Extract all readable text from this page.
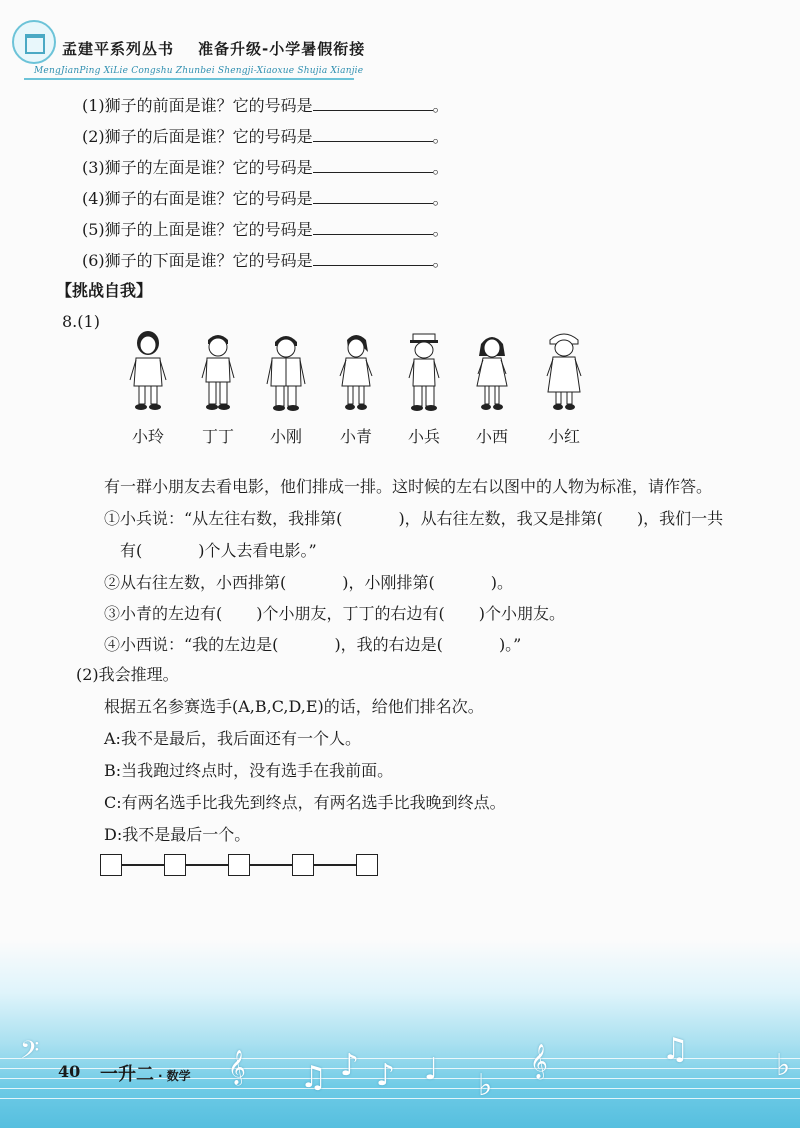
孟建平系列丛书 准备升级-小学暑假衔接
MengJianPing XiLie Congshu Zhunbei Shengji-Xiaoxue Shujia Xianjie
(1)狮子的前面是谁？它的号码是	。
(2)狮子的后面是谁？它的号码是	。
(3)狮子的左面是谁？它的号码是	。
(4)狮子的右面是谁？它的号码是	。
(5)狮子的上面是谁？它的号码是	。
(6)狮子的下面是谁？它的号码是	。
【挑战自我】
8.(1)
小玲	丁丁	小刚	小青	小兵	小西	小红
有一群小朋友去看电影，他们排成一排。这时候的左右以图中的人物为标准，请作答。
①小兵说：“从左往右数，我排第(	)，从右往左数，我又是排第( )，我们一共
有(	)个人去看电影。”
②从右往左数，小西排第(	)，小刚排第(	)。
③小青的左边有( )个小朋友，丁丁的右边有( )个小朋友。
④小西说：“我的左边是(	)，我的右边是(	)。”
(2)我会推理。
根据五名参赛选手(A,B,C,D,E)的话，给他们排名次。
A:我不是最后，我后面还有一个人。
B:当我跑过终点时，没有选手在我前面。
C:有两名选手比我先到终点，有两名选手比我晚到终点。
D:我不是最后一个。
𝄞 ♫ ♪ ♪ ♩ ♭
𝄞	♫	♭
𝄢
40 一升二 · 数学
